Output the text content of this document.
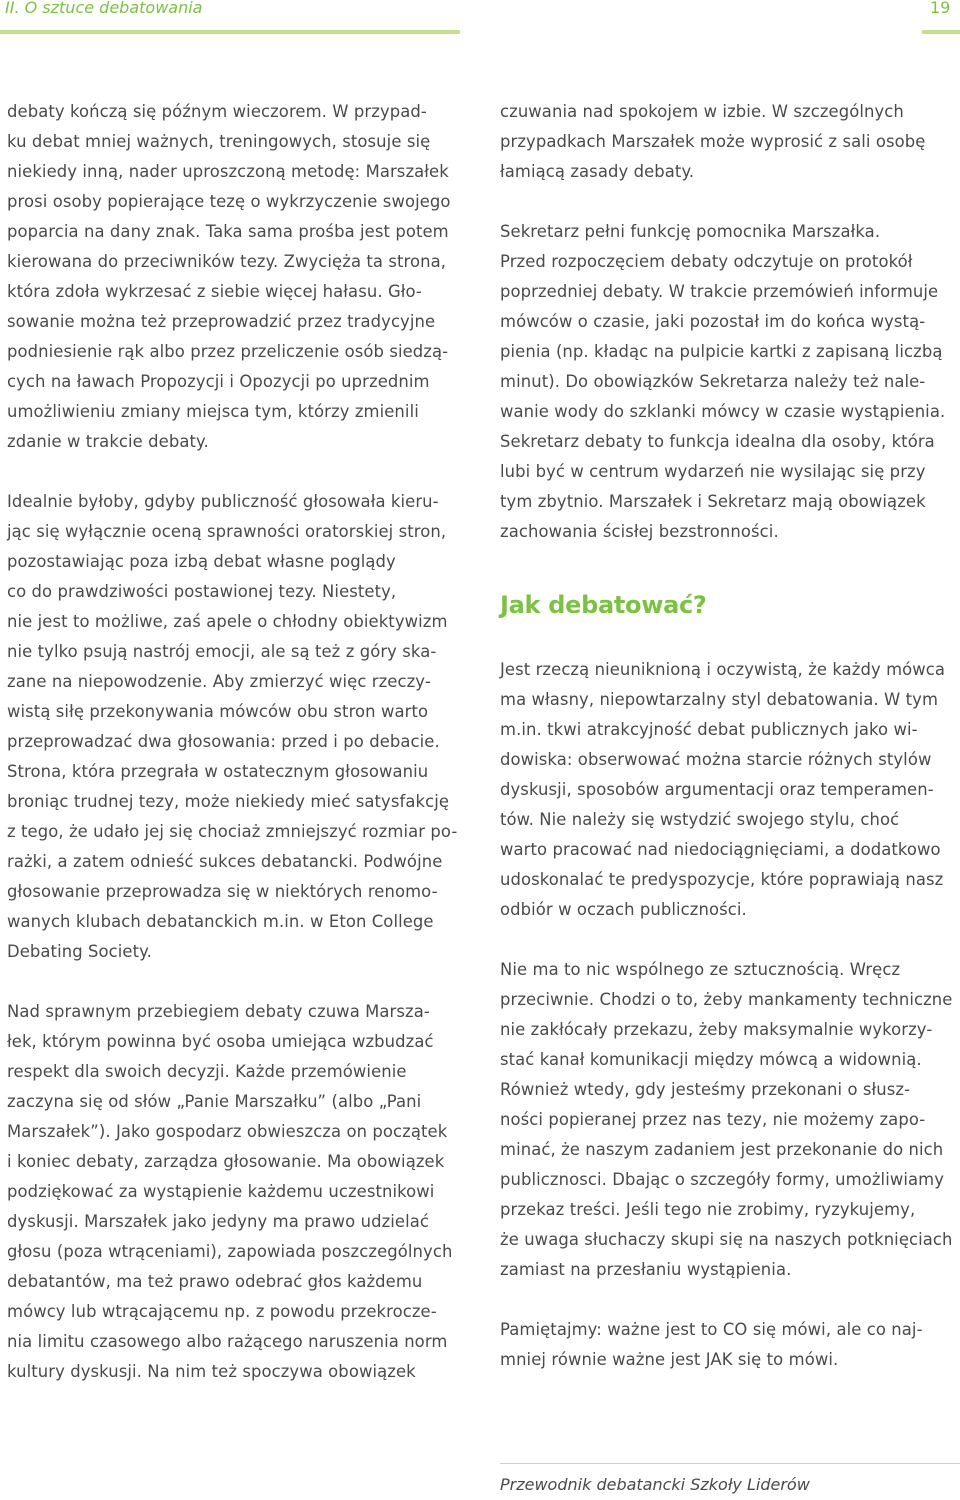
II. O sztuce debatowania	19

debaty kończą się późnym wieczorem. W przypad-
ku debat mniej ważnych, treningowych, stosuje się
niekiedy inną, nader uproszczoną metodę: Marszałek
prosi osoby popierające tezę o wykrzyczenie swojego
poparcia na dany znak. Taka sama prośba jest potem
kierowana do przeciwników tezy. Zwycięża ta strona,
która zdoła wykrzesać z siebie więcej hałasu. Gło-
sowanie można też przeprowadzić przez tradycyjne
podniesienie rąk albo przez przeliczenie osób siedzą-
cych na ławach Propozycji i Opozycji po uprzednim
umożliwieniu zmiany miejsca tym, którzy zmienili
zdanie w trakcie debaty.

Idealnie byłoby, gdyby publiczność głosowała kieru-
jąc się wyłącznie oceną sprawności oratorskiej stron,
pozostawiając poza izbą debat własne poglądy
co do prawdziwości postawionej tezy. Niestety,
nie jest to możliwe, zaś apele o chłodny obiektywizm
nie tylko psują nastrój emocji, ale są też z góry ska-
zane na niepowodzenie. Aby zmierzyć więc rzeczy-
wistą siłę przekonywania mówców obu stron warto
przeprowadzać dwa głosowania: przed i po debacie.
Strona, która przegrała w ostatecznym głosowaniu
broniąc trudnej tezy, może niekiedy mieć satysfakcję
z tego, że udało jej się chociaż zmniejszyć rozmiar po-
rażki, a zatem odnieść sukces debatancki. Podwójne
głosowanie przeprowadza się w niektórych renomo-
wanych klubach debatanckich m.in. w Eton College
Debating Society.

Nad sprawnym przebiegiem debaty czuwa Marsza-
łek, którym powinna być osoba umiejąca wzbudzać
respekt dla swoich decyzji. Każde przemówienie
zaczyna się od słów „Panie Marszałku” (albo „Pani
Marszałek”). Jako gospodarz obwieszcza on początek
i koniec debaty, zarządza głosowanie. Ma obowiązek
podziękować za wystąpienie każdemu uczestnikowi
dyskusji. Marszałek jako jedyny ma prawo udzielać
głosu (poza wtrąceniami), zapowiada poszczególnych
debatantów, ma też prawo odebrać głos każdemu
mówcy lub wtrącającemu np. z powodu przekrocze-
nia limitu czasowego albo rażącego naruszenia norm
kultury dyskusji. Na nim też spoczywa obowiązek

czuwania nad spokojem w izbie. W szczególnych
przypadkach Marszałek może wyprosić z sali osobę
łamiącą zasady debaty.

Sekretarz pełni funkcję pomocnika Marszałka.
Przed rozpoczęciem debaty odczytuje on protokół
poprzedniej debaty. W trakcie przemówień informuje
mówców o czasie, jaki pozostał im do końca wystą-
pienia (np. kładąc na pulpicie kartki z zapisaną liczbą
minut). Do obowiązków Sekretarza należy też nale-
wanie wody do szklanki mówcy w czasie wystąpienia.
Sekretarz debaty to funkcja idealna dla osoby, która
lubi być w centrum wydarzeń nie wysilając się przy
tym zbytnio. Marszałek i Sekretarz mają obowiązek
zachowania ścisłej bezstronności.

Jak debatować?

Jest rzeczą nieuniknioną i oczywistą, że każdy mówca
ma własny, niepowtarzalny styl debatowania. W tym
m.in. tkwi atrakcyjność debat publicznych jako wi-
dowiska: obserwować można starcie różnych stylów
dyskusji, sposobów argumentacji oraz temperamen-
tów. Nie należy się wstydzić swojego stylu, choć
warto pracować nad niedociągnięciami, a dodatkowo
udoskonalać te predyspozycje, które poprawiają nasz
odbiór w oczach publiczności.

Nie ma to nic wspólnego ze sztucznością. Wręcz
przeciwnie. Chodzi o to, żeby mankamenty techniczne
nie zakłócały przekazu, żeby maksymalnie wykorzy-
stać kanał komunikacji między mówcą a widownią.
Również wtedy, gdy jesteśmy przekonani o słusz-
ności popieranej przez nas tezy, nie możemy zapo-
minać, że naszym zadaniem jest przekonanie do nich
publicznosci. Dbając o szczegóły formy, umożliwiamy
przekaz treści. Jeśli tego nie zrobimy, ryzykujemy,
że uwaga słuchaczy skupi się na naszych potknięciach
zamiast na przesłaniu wystąpienia.

Pamiętajmy: ważne jest to CO się mówi, ale co naj-
mniej równie ważne jest JAK się to mówi.

Przewodnik debatancki Szkoły Liderów
